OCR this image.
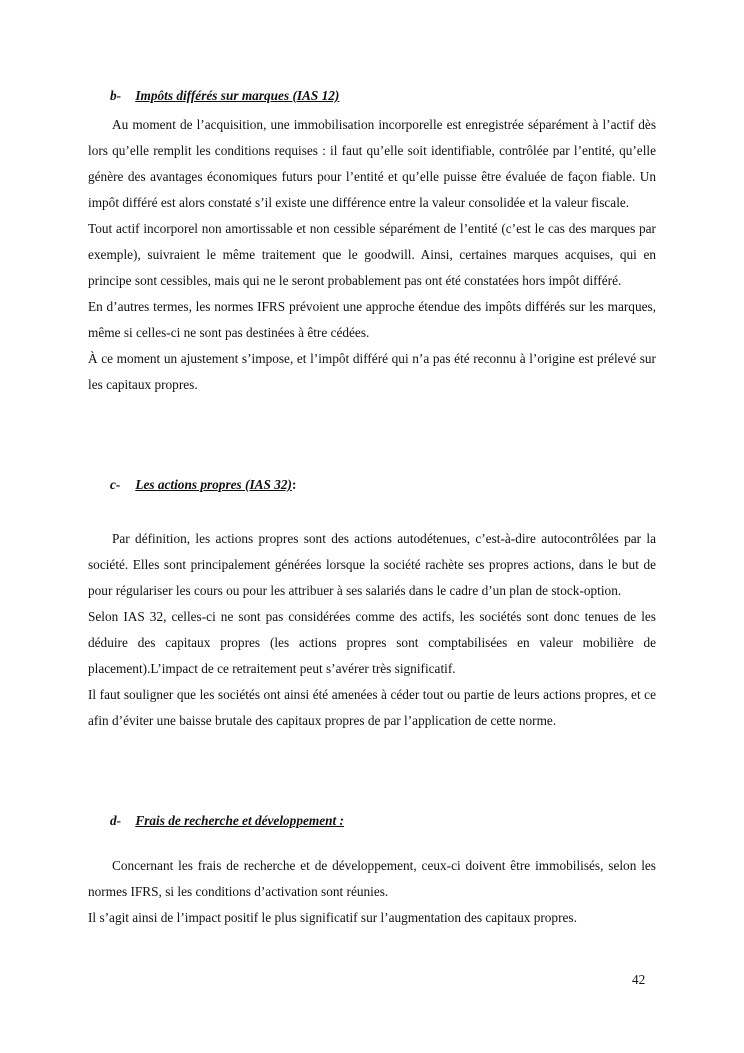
b- Impôts différés sur marques (IAS 12)

Au moment de l’acquisition, une immobilisation incorporelle est enregistrée séparément à l’actif dès lors qu’elle remplit les conditions requises : il faut qu’elle soit identifiable, contrôlée par l’entité, qu’elle génère des avantages économiques futurs pour l’entité et qu’elle puisse être évaluée de façon fiable. Un impôt différé est alors constaté s’il existe une différence entre la valeur consolidée et la valeur fiscale.

Tout actif incorporel non amortissable et non cessible séparément de l’entité (c’est le cas des marques par exemple), suivraient le même traitement que le goodwill. Ainsi, certaines marques acquises, qui en principe sont cessibles, mais qui ne le seront probablement pas ont été constatées hors impôt différé.

En d’autres termes, les normes IFRS prévoient une approche étendue des impôts différés sur les marques, même si celles-ci ne sont pas destinées à être cédées.

À ce moment un ajustement s’impose, et l’impôt différé qui n’a pas été reconnu à l’origine est prélevé sur les capitaux propres.

c- Les actions propres (IAS 32):

Par définition, les actions propres sont des actions autodétenues, c’est-à-dire autocontrôlées par la société. Elles sont principalement générées lorsque la société rachète ses propres actions, dans le but de pour régulariser les cours ou pour les attribuer à ses salariés dans le cadre d’un plan de stock-option.

Selon IAS 32, celles-ci ne sont pas considérées comme des actifs, les sociétés sont donc tenues de les déduire des capitaux propres (les actions propres sont comptabilisées en valeur mobilière de placement).L’impact de ce retraitement peut s’avérer très significatif.

Il faut souligner que les sociétés ont ainsi été amenées à céder tout ou partie de leurs actions propres, et ce afin d’éviter une baisse brutale des capitaux propres de par l’application de cette norme.

d- Frais de recherche et développement :

Concernant les frais de recherche et de développement, ceux-ci doivent être immobilisés, selon les normes IFRS, si les conditions d’activation sont réunies.

Il s’agit ainsi de l’impact positif le plus significatif sur l’augmentation des capitaux propres.

42
